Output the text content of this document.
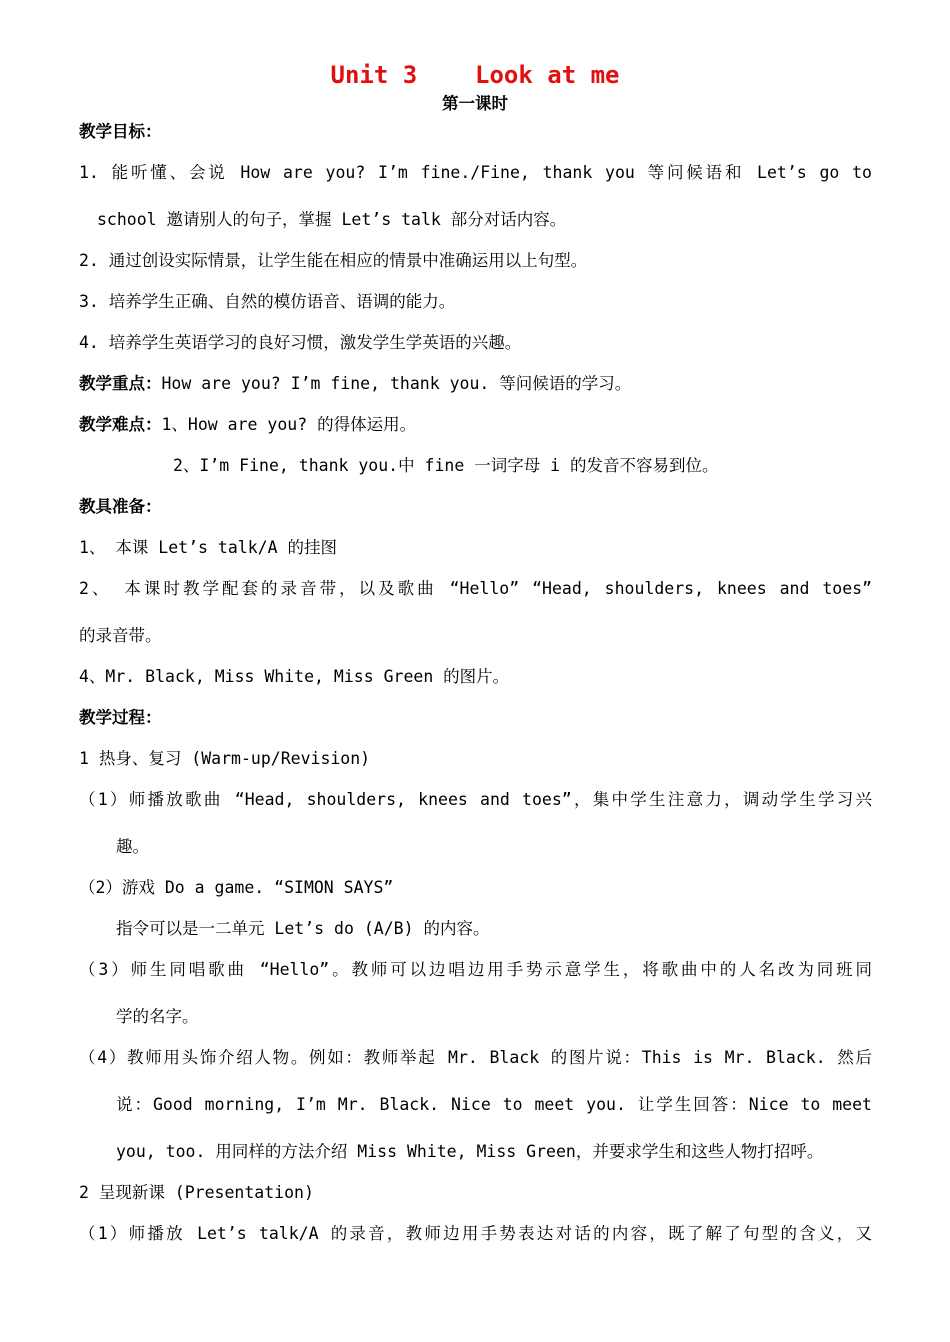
Unit 3    Look at me
第一课时
教学目标：
1. 能听懂、会说 How are you? I’m fine./Fine, thank you 等问候语和 Let’s go to
school 邀请别人的句子，掌握 Let’s talk 部分对话内容。
2. 通过创设实际情景，让学生能在相应的情景中准确运用以上句型。
3. 培养学生正确、自然的模仿语音、语调的能力。
4. 培养学生英语学习的良好习惯，激发学生学英语的兴趣。
教学重点：How are you? I’m fine, thank you. 等问候语的学习。
教学难点：1、How are you? 的得体运用。
2、I’m Fine, thank you.中 fine 一词字母 i 的发音不容易到位。
教具准备：
1、 本课 Let’s talk/A 的挂图
2、 本课时教学配套的录音带，以及歌曲 “Hello” “Head, shoulders, knees and toes”
的录音带。
4、Mr. Black, Miss White, Miss Green 的图片。
教学过程：
1 热身、复习 (Warm-up/Revision)
（1）师播放歌曲 “Head, shoulders, knees and toes”，集中学生注意力，调动学生学习兴
趣。
（2）游戏 Do a game. “SIMON SAYS”
指令可以是一二单元 Let’s do (A/B) 的内容。
（3）师生同唱歌曲 “Hello”。教师可以边唱边用手势示意学生，将歌曲中的人名改为同班同
学的名字。
（4）教师用头饰介绍人物。例如：教师举起 Mr. Black 的图片说：This is Mr. Black. 然后
说：Good morning, I’m Mr. Black. Nice to meet you. 让学生回答：Nice to meet
you, too. 用同样的方法介绍 Miss White, Miss Green，并要求学生和这些人物打招呼。
2 呈现新课 (Presentation)
（1）师播放 Let’s talk/A 的录音，教师边用手势表达对话的内容，既了解了句型的含义，又
